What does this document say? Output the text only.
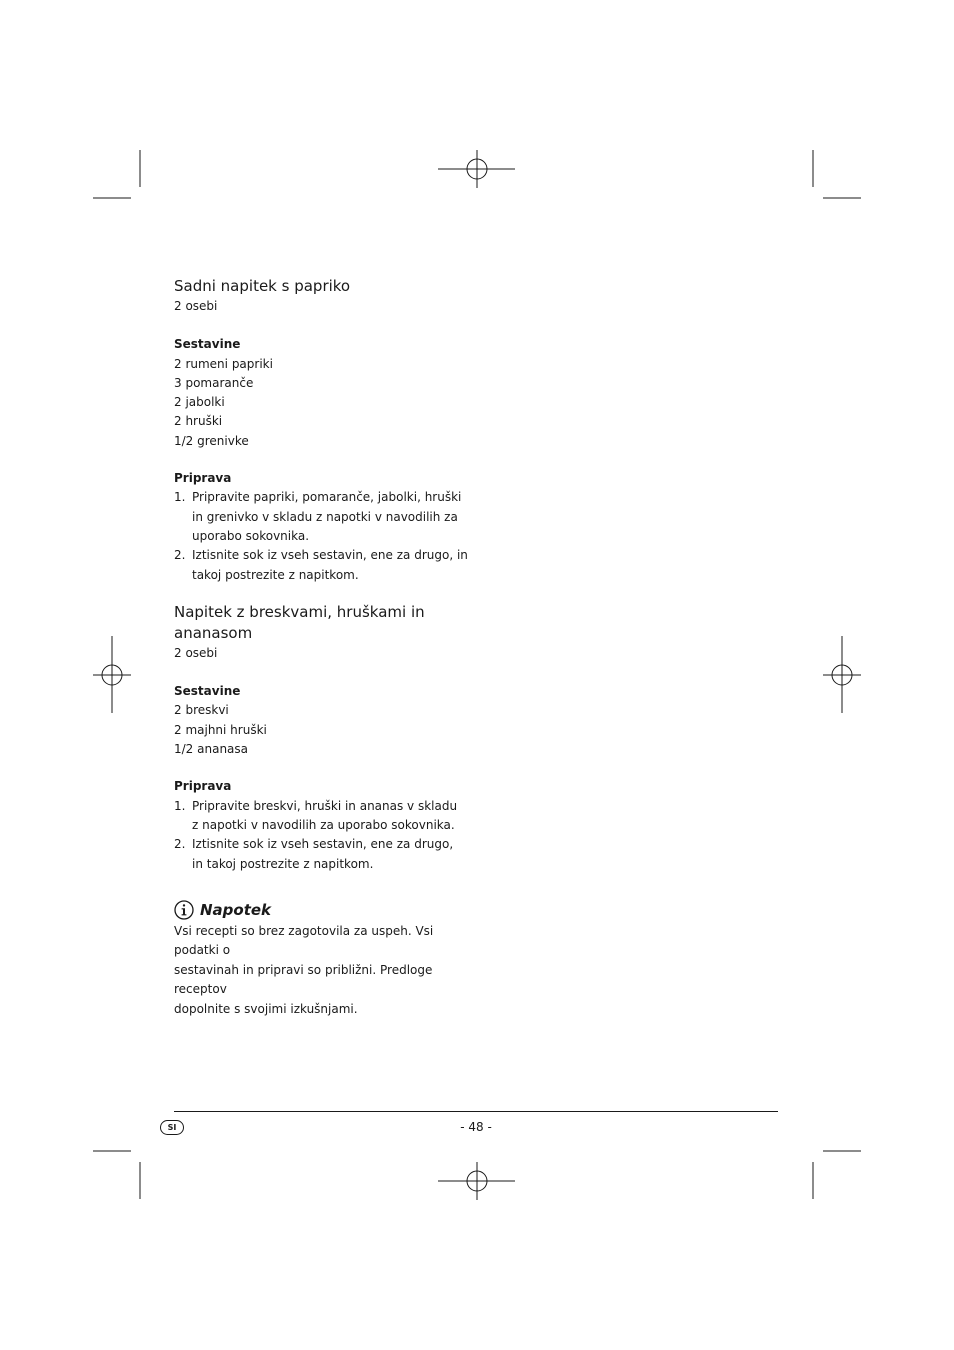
Sadni napitek s papriko

2 osebi

Sestavine

2 rumeni papriki

3 pomaranče

2 jabolki

2 hruški

1/2 grenivke

Priprava

1. Pripravite papriki, pomaranče, jabolki, hruški
in grenivko v skladu z napotki v navodilih za
uporabo sokovnika.
2. Iztisnite sok iz vseh sestavin, ene za drugo, in
takoj postrezite z napitkom.
Napitek z breskvami, hruškami in
ananasom

2 osebi

Sestavine

2 breskvi

2 majhni hruški

1/2 ananasa

Priprava

1. Pripravite breskvi, hruški in ananas v skladu
z napotki v navodilih za uporabo sokovnika.
2. Iztisnite sok iz vseh sestavin, ene za drugo,
in takoj postrezite z napitkom.
Napotek
Vsi recepti so brez zagotovila za uspeh. Vsi podatki o
sestavinah in pripravi so približni. Predloge receptov
dopolnite s svojimi izkušnjami.
SI	- 48 -
